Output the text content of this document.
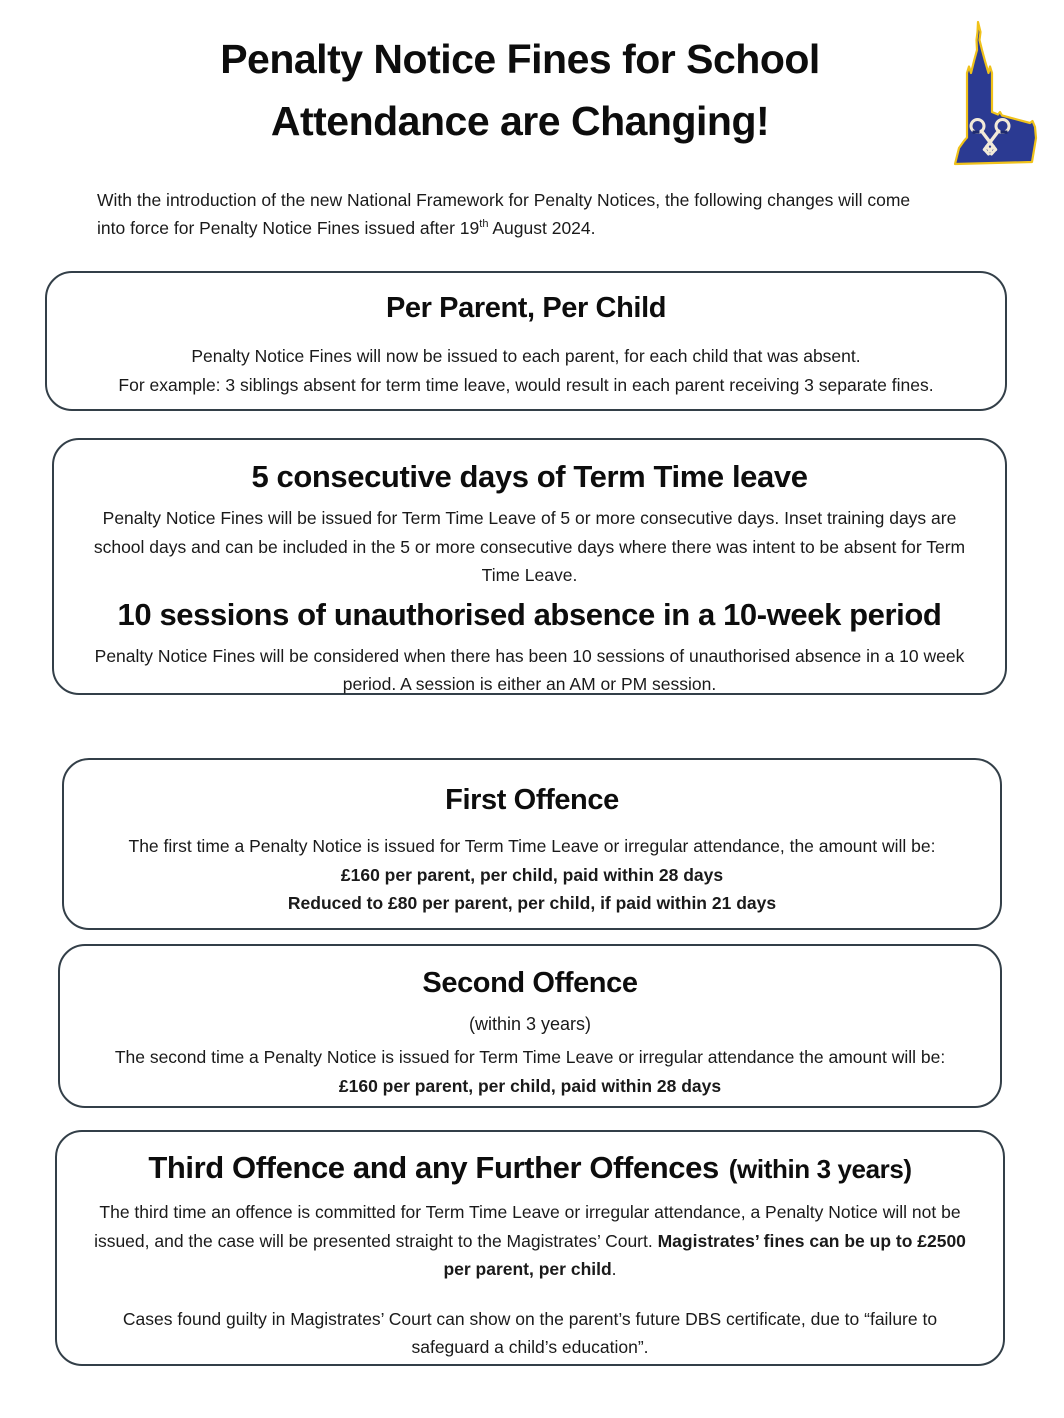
Penalty Notice Fines for School
Attendance are Changing!

With the introduction of the new National Framework for Penalty Notices, the following changes will come into force for Penalty Notice Fines issued after 19th August 2024.

Per Parent, Per Child

Penalty Notice Fines will now be issued to each parent, for each child that was absent.
For example: 3 siblings absent for term time leave, would result in each parent receiving 3 separate fines.

5 consecutive days of Term Time leave

Penalty Notice Fines will be issued for Term Time Leave of 5 or more consecutive days. Inset training days are school days and can be included in the 5 or more consecutive days where there was intent to be absent for Term Time Leave.

10 sessions of unauthorised absence in a 10-week period

Penalty Notice Fines will be considered when there has been 10 sessions of unauthorised absence in a 10 week period. A session is either an AM or PM session.

First Offence

The first time a Penalty Notice is issued for Term Time Leave or irregular attendance, the amount will be:

£160 per parent, per child, paid within 28 days

Reduced to £80 per parent, per child, if paid within 21 days

Second Offence

(within 3 years)

The second time a Penalty Notice is issued for Term Time Leave or irregular attendance the amount will be:

£160 per parent, per child, paid within 28 days

Third Offence and any Further Offences (within 3 years)

The third time an offence is committed for Term Time Leave or irregular attendance, a Penalty Notice will not be issued, and the case will be presented straight to the Magistrates’ Court. Magistrates’ fines can be up to £2500 per parent, per child.

Cases found guilty in Magistrates’ Court can show on the parent’s future DBS certificate, due to “failure to safeguard a child’s education”.
